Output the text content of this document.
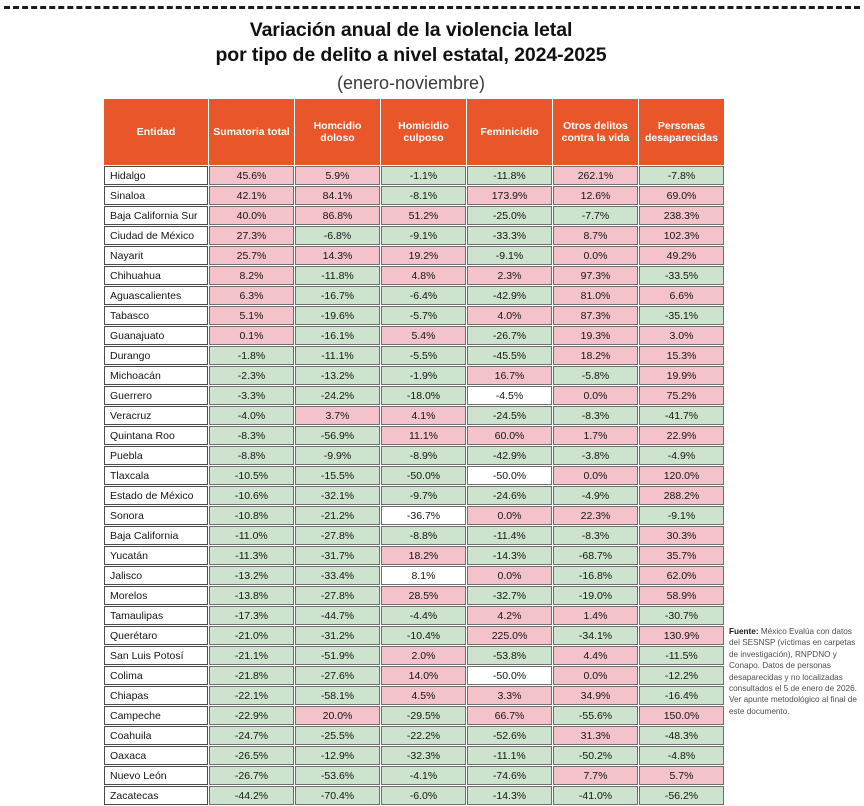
Variación anual de la violencia letal
por tipo de delito a nivel estatal, 2024-2025
(enero-noviembre)
Entidad	Sumatoria total	Homcidio doloso	Homicidio culposo	Feminicidio	Otros delitos contra la vida	Personas desaparecidas
Hidalgo	45.6%	5.9%	-1.1%	-11.8%	262.1%	-7.8%
Sinaloa	42.1%	84.1%	-8.1%	173.9%	12.6%	69.0%
Baja California Sur	40.0%	86.8%	51.2%	-25.0%	-7.7%	238.3%
Ciudad de México	27.3%	-6.8%	-9.1%	-33.3%	8.7%	102.3%
Nayarit	25.7%	14.3%	19.2%	-9.1%	0.0%	49.2%
Chihuahua	8.2%	-11.8%	4.8%	2.3%	97.3%	-33.5%
Aguascalientes	6.3%	-16.7%	-6.4%	-42.9%	81.0%	6.6%
Tabasco	5.1%	-19.6%	-5.7%	4.0%	87.3%	-35.1%
Guanajuato	0.1%	-16.1%	5.4%	-26.7%	19.3%	3.0%
Durango	-1.8%	-11.1%	-5.5%	-45.5%	18.2%	15.3%
Michoacán	-2.3%	-13.2%	-1.9%	16.7%	-5.8%	19.9%
Guerrero	-3.3%	-24.2%	-18.0%	-4.5%	0.0%	75.2%
Veracruz	-4.0%	3.7%	4.1%	-24.5%	-8.3%	-41.7%
Quintana Roo	-8.3%	-56.9%	11.1%	60.0%	1.7%	22.9%
Puebla	-8.8%	-9.9%	-8.9%	-42.9%	-3.8%	-4.9%
Tlaxcala	-10.5%	-15.5%	-50.0%	-50.0%	0.0%	120.0%
Estado de México	-10.6%	-32.1%	-9.7%	-24.6%	-4.9%	288.2%
Sonora	-10.8%	-21.2%	-36.7%	0.0%	22.3%	-9.1%
Baja California	-11.0%	-27.8%	-8.8%	-11.4%	-8.3%	30.3%
Yucatán	-11.3%	-31.7%	18.2%	-14.3%	-68.7%	35.7%
Jalisco	-13.2%	-33.4%	8.1%	0.0%	-16.8%	62.0%
Morelos	-13.8%	-27.8%	28.5%	-32.7%	-19.0%	58.9%
Tamaulipas	-17.3%	-44.7%	-4.4%	4.2%	1.4%	-30.7%
Querétaro	-21.0%	-31.2%	-10.4%	225.0%	-34.1%	130.9%
San Luis Potosí	-21.1%	-51.9%	2.0%	-53.8%	4.4%	-11.5%
Colima	-21.8%	-27.6%	14.0%	-50.0%	0.0%	-12.2%
Chiapas	-22.1%	-58.1%	4.5%	3.3%	34.9%	-16.4%
Campeche	-22.9%	20.0%	-29.5%	66.7%	-55.6%	150.0%
Coahuila	-24.7%	-25.5%	-22.2%	-52.6%	31.3%	-48.3%
Oaxaca	-26.5%	-12.9%	-32.3%	-11.1%	-50.2%	-4.8%
Nuevo León	-26.7%	-53.6%	-4.1%	-74.6%	7.7%	5.7%
Zacatecas	-44.2%	-70.4%	-6.0%	-14.3%	-41.0%	-56.2%
Fuente: México Evalúa con datos del SESNSP (víctimas en carpetas de investigación), RNPDNO y Conapo. Datos de personas desaparecidas y no localizadas consultados el 5 de enero de 2026. Ver apunte metodológico al final de este documento.
